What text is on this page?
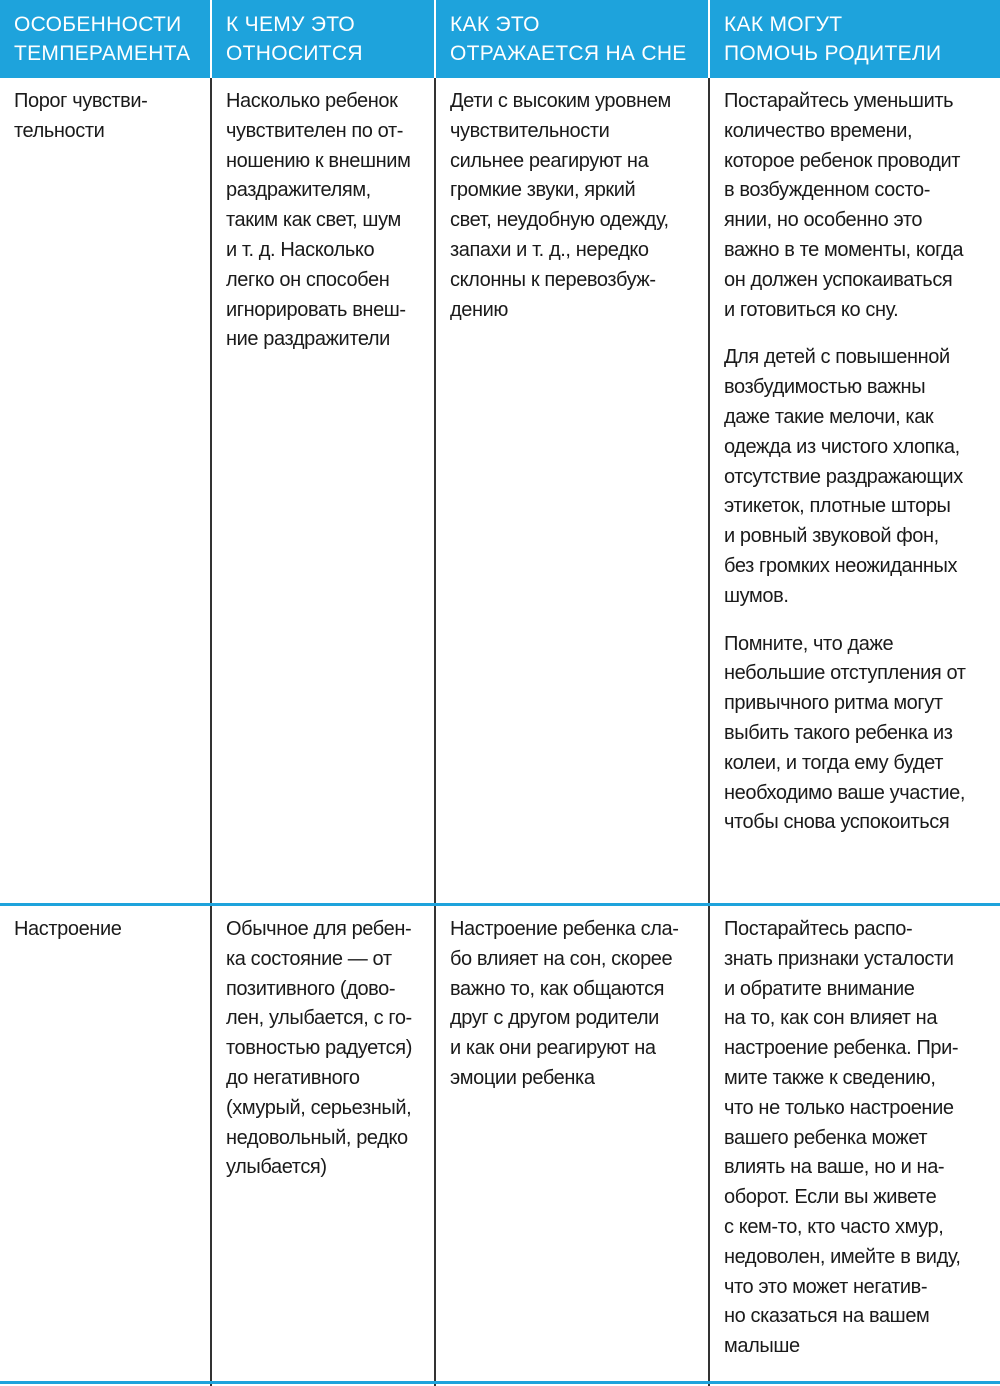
ОСОБЕННОСТИ
ТЕМПЕРАМЕНТА
К ЧЕМУ ЭТО
ОТНОСИТСЯ
КАК ЭТО
ОТРАЖАЕТСЯ НА СНЕ
КАК МОГУТ
ПОМОЧЬ РОДИТЕЛИ

Порог чувстви-
тельности

Насколько ребенок
чувствителен по от-
ношению к внешним
раздражителям,
таким как свет, шум
и т. д. Насколько
легко он способен
игнорировать внеш-
ние раздражители

Дети с высоким уровнем
чувствительности
сильнее реагируют на
громкие звуки, яркий
свет, неудобную одежду,
запахи и т. д., нередко
склонны к перевозбуж-
дению

Постарайтесь уменьшить
количество времени,
которое ребенок проводит
в возбужденном состо-
янии, но особенно это
важно в те моменты, когда
он должен успокаиваться
и готовиться ко сну.

Для детей с повышенной
возбудимостью важны
даже такие мелочи, как
одежда из чистого хлопка,
отсутствие раздражающих
этикеток, плотные шторы
и ровный звуковой фон,
без громких неожиданных
шумов.

Помните, что даже
небольшие отступления от
привычного ритма могут
выбить такого ребенка из
колеи, и тогда ему будет
необходимо ваше участие,
чтобы снова успокоиться

Настроение	Обычное для ребен-
ка состояние — от
позитивного (дово-
лен, улыбается, с го-
товностью радуется)
до негативного
(хмурый, серьезный,
недовольный, редко
улыбается)

Настроение ребенка сла-
бо влияет на сон, скорее
важно то, как общаются
друг с другом родители
и как они реагируют на
эмоции ребенка

Постарайтесь распо-
знать признаки усталости
и обратите внимание
на то, как сон влияет на
настроение ребенка. При-
мите также к сведению,
что не только настроение
вашего ребенка может
влиять на ваше, но и на-
оборот. Если вы живете
с кем-то, кто часто хмур,
недоволен, имейте в виду,
что это может негатив-
но сказаться на вашем
малыше
